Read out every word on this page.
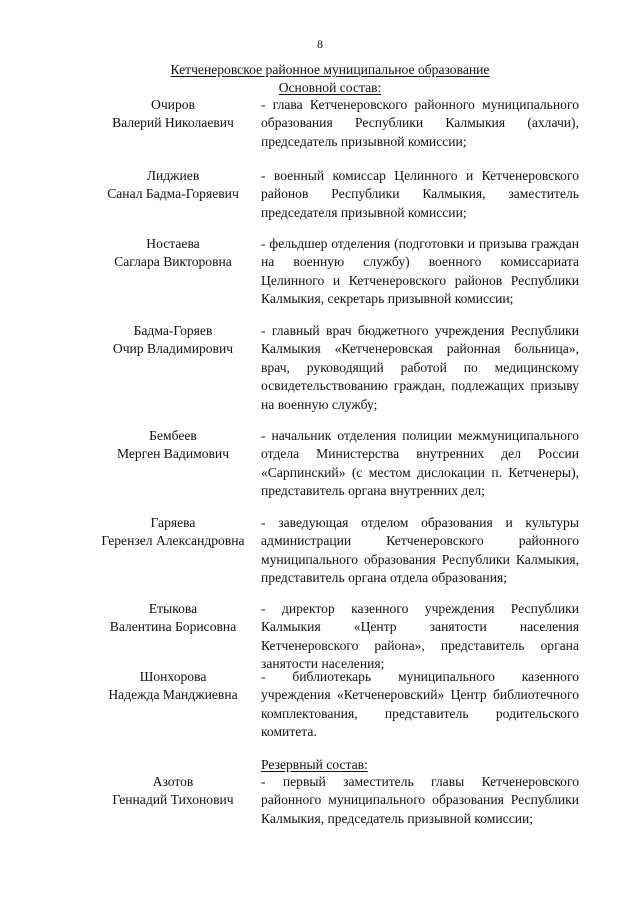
8
Кетченеровское районное муниципальное образование
Основной состав:
Очиров
Валерий Николаевич
- глава Кетченеровского районного муниципального образования Республики Калмыкия (ахлачи), председатель призывной комиссии;
Лиджиев
Санал Бадма-Горяевич
- военный комиссар Целинного и Кетченеровского районов Республики Калмыкия, заместитель председателя призывной комиссии;
Ностаева
Саглара Викторовна
- фельдшер отделения (подготовки и призыва граждан на военную службу) военного комиссариата Целинного и Кетченеровского районов Республики Калмыкия, секретарь призывной комиссии;
Бадма-Горяев
Очир Владимирович
- главный врач бюджетного учреждения Республики Калмыкия «Кетченеровская районная больница», врач, руководящий работой по медицинскому освидетельствованию граждан, подлежащих призыву на военную службу;
Бембеев
Мерген Вадимович
- начальник отделения полиции межмуниципального отдела Министерства внутренних дел России «Сарпинский» (с местом дислокации п. Кетченеры), представитель органа внутренних дел;
Гаряева
Герензел Александровна
- заведующая отделом образования и культуры администрации Кетченеровского районного муниципального образования Республики Калмыкия, представитель органа отдела образования;
Етыкова
Валентина Борисовна
- директор казенного учреждения Республики Калмыкия «Центр занятости населения Кетченеровского района», представитель органа занятости населения;
Шонхорова
Надежда Манджиевна
- библиотекарь муниципального казенного учреждения «Кетченеровский» Центр библиотечного комплектования, представитель родительского комитета.
Резервный состав:
Азотов
Геннадий Тихонович
- первый заместитель главы Кетченеровского районного муниципального образования Республики Калмыкия, председатель призывной комиссии;
